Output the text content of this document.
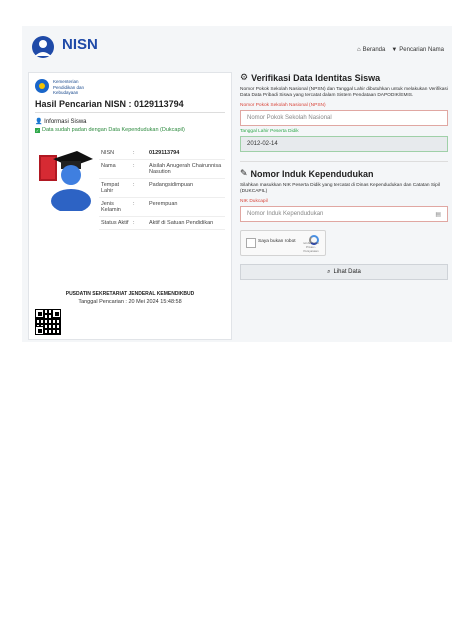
NISN	⌂ Beranda ▼ Pencarian Nama
Kementerian Pendidikan dan Kebudayaan
Hasil Pencarian NISN : 0129113794
👤 Informasi Siswa
✓ Data sudah padan dengan Data Kependudukan (Dukcapil)
NISN	:	0129113794
Nama	:	Aisilah Anugerah Chairunnisa Nasution
Tempat Lahir	:	Padangsidimpuan
Jenis Kelamin	:	Perempuan
Status Aktif	:	Aktif di Satuan Pendidikan
PUSDATIN SEKRETARIAT JENDERAL KEMENDIKBUD
Tanggal Pencarian : 20 Mei 2024 15:48:58
⚙ Verifikasi Data Identitas Siswa
Nomor Pokok Sekolah Nasional (NPSN) dan Tanggal Lahir dibutuhkan untuk melakukan Verifikasi Data Data Pribadi Siswa yang tercatat dalam Sistem Pendataan DAPODIK/EMIS.
Nomor Pokok Sekolah Nasional (NPSN)
Nomor Pokok Sekolah Nasional
Tanggal Lahir Peserta Didik
2012-02-14
✎ Nomor Induk Kependudukan
Silahkan masukkan NIK Peserta Didik yang tercatat di Dinas Kependudukan dan Catatan Sipil (DUKCAPIL)
NIK Dukcapil
Nomor Induk Kependudukan	▤
Saya bukan robot	reCAPTCHA
Privasi - Persyaratan
⌕ Lihat Data
